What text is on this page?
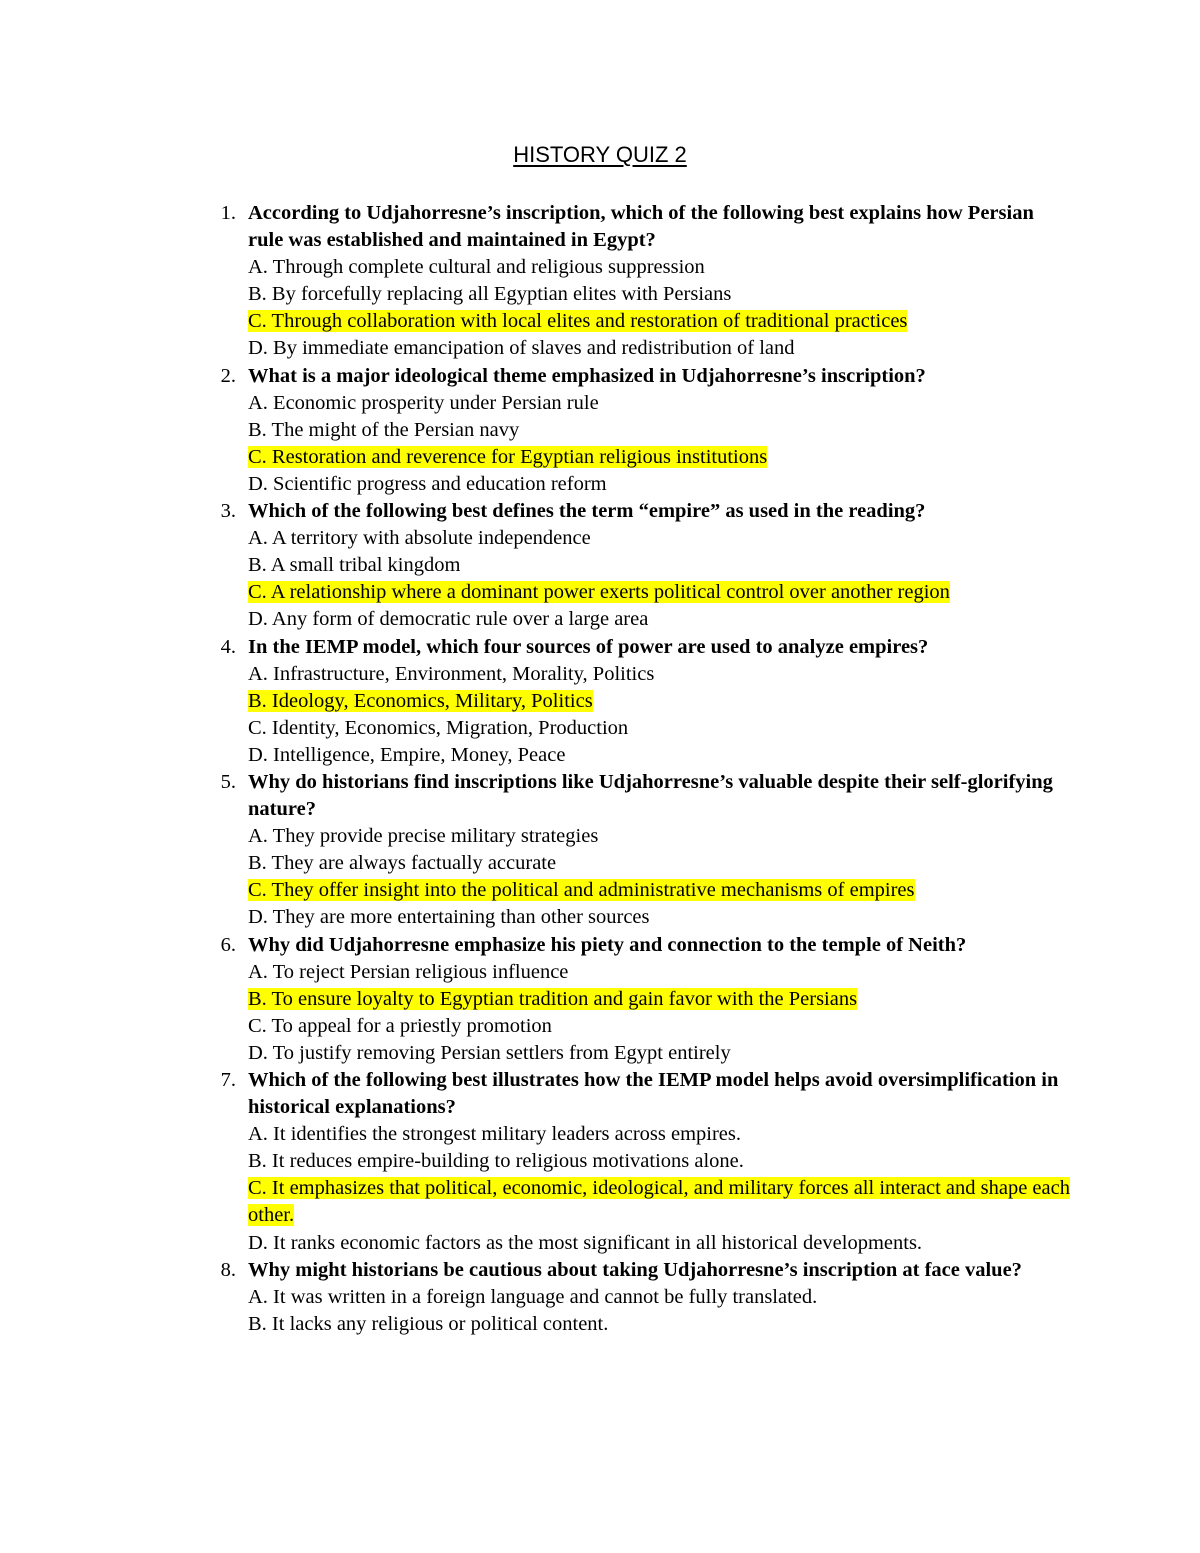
HISTORY QUIZ 2
1. According to Udjahorresne’s inscription, which of the following best explains how Persian rule was established and maintained in Egypt?
A. Through complete cultural and religious suppression
B. By forcefully replacing all Egyptian elites with Persians
C. Through collaboration with local elites and restoration of traditional practices
D. By immediate emancipation of slaves and redistribution of land
2. What is a major ideological theme emphasized in Udjahorresne’s inscription?
A. Economic prosperity under Persian rule
B. The might of the Persian navy
C. Restoration and reverence for Egyptian religious institutions
D. Scientific progress and education reform
3. Which of the following best defines the term “empire” as used in the reading?
A. A territory with absolute independence
B. A small tribal kingdom
C. A relationship where a dominant power exerts political control over another region
D. Any form of democratic rule over a large area
4. In the IEMP model, which four sources of power are used to analyze empires?
A. Infrastructure, Environment, Morality, Politics
B. Ideology, Economics, Military, Politics
C. Identity, Economics, Migration, Production
D. Intelligence, Empire, Money, Peace
5. Why do historians find inscriptions like Udjahorresne’s valuable despite their self-glorifying nature?
A. They provide precise military strategies
B. They are always factually accurate
C. They offer insight into the political and administrative mechanisms of empires
D. They are more entertaining than other sources
6. Why did Udjahorresne emphasize his piety and connection to the temple of Neith?
A. To reject Persian religious influence
B. To ensure loyalty to Egyptian tradition and gain favor with the Persians
C. To appeal for a priestly promotion
D. To justify removing Persian settlers from Egypt entirely
7. Which of the following best illustrates how the IEMP model helps avoid oversimplification in historical explanations?
A. It identifies the strongest military leaders across empires.
B. It reduces empire-building to religious motivations alone.
C. It emphasizes that political, economic, ideological, and military forces all interact and shape each other.
D. It ranks economic factors as the most significant in all historical developments.
8. Why might historians be cautious about taking Udjahorresne’s inscription at face value?
A. It was written in a foreign language and cannot be fully translated.
B. It lacks any religious or political content.
